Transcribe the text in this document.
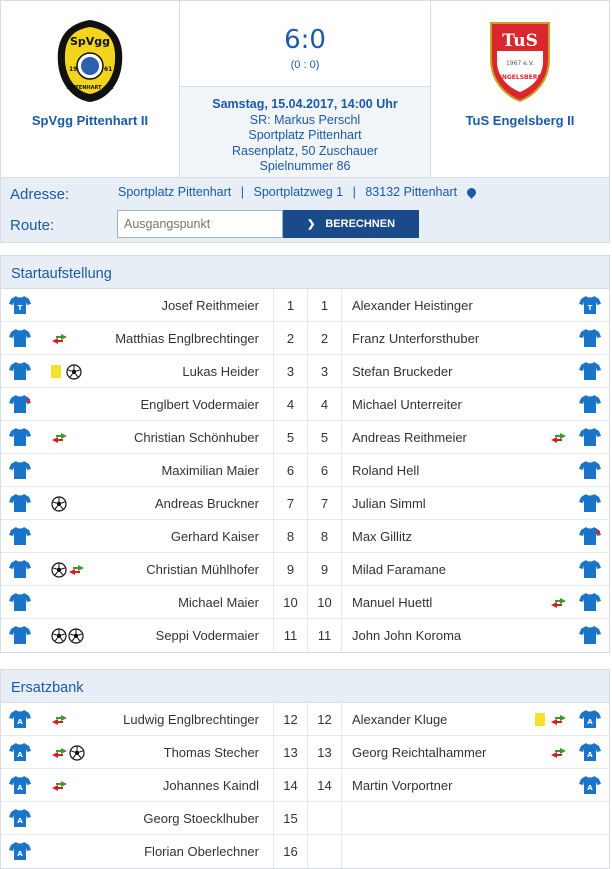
SpVgg
19	61
PITTENHART e.V.
SpVgg Pittenhart II
6:0
(0 : 0)
Samstag, 15.04.2017, 14:00 Uhr
SR: Markus Perschl
Sportplatz Pittenhart
Rasenplatz, 50 Zuschauer
Spielnummer 86
TuS
1967 e.V.
ENGELSBERG
TuS Engelsberg II
Adresse:	Sportplatz Pittenhart | Sportplatzweg 1 | 83132 Pittenhart
Route:
Ausgangspunkt	❯ BERECHNEN
Startaufstellung
T	Josef Reithmeier	1	1	Alexander Heistinger	T
Matthias Englbrechtinger	2	2	Franz Unterforsthuber
Lukas Heider	3	3	Stefan Bruckeder
Englbert Vodermaier	4	4	Michael Unterreiter
Christian Schönhuber	5	5	Andreas Reithmeier
Maximilian Maier	6	6	Roland Hell
Andreas Bruckner	7	7	Julian Simml
Gerhard Kaiser	8	8	Max Gillitz
Christian Mühlhofer	9	9	Milad Faramane
Michael Maier	10	10	Manuel Huettl
Seppi Vodermaier	11	11	John John Koroma
Ersatzbank
A	Ludwig Englbrechtinger	12	12	Alexander Kluge	A
A	Thomas Stecher	13	13	Georg Reichtalhammer	A
A	Johannes Kaindl	14	14	Martin Vorportner	A
A	Georg Stoecklhuber	15
A	Florian Oberlechner	16
